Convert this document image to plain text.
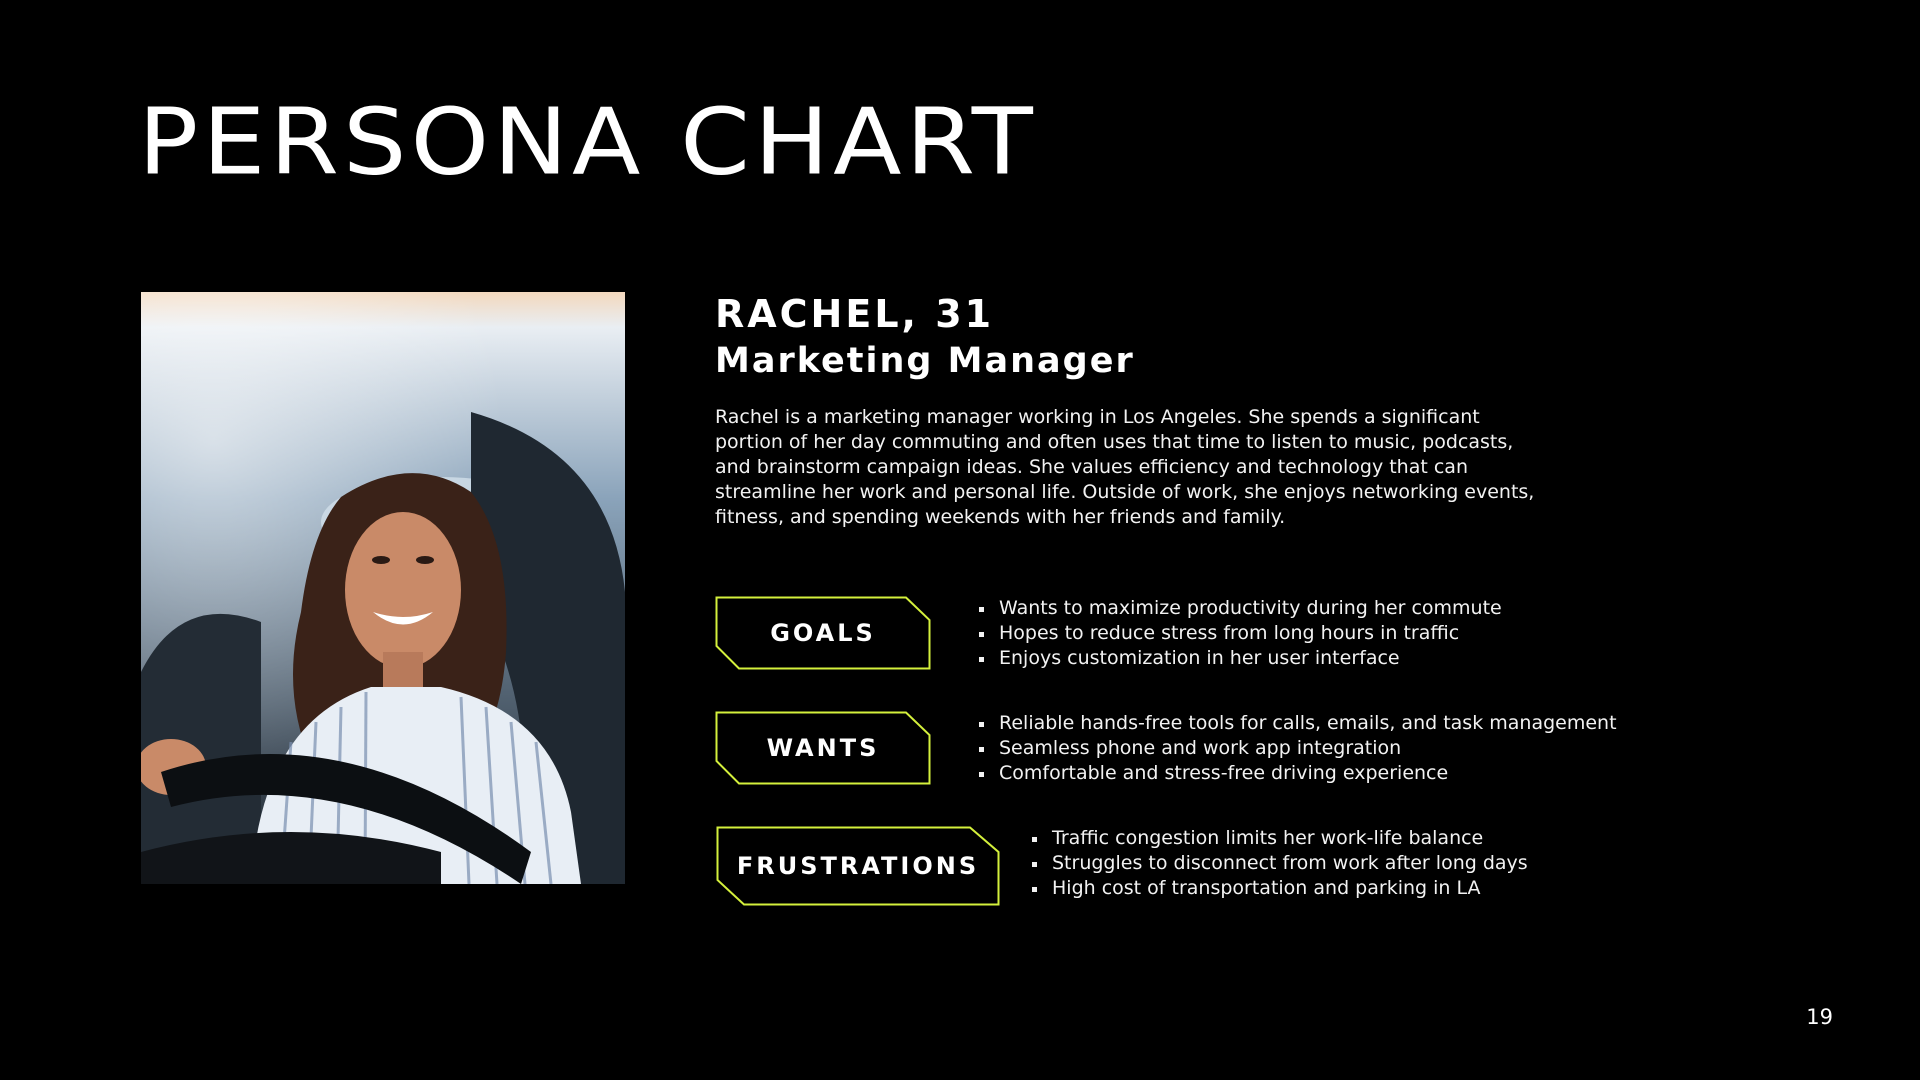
PERSONA CHART
RACHEL, 31
Marketing Manager

Rachel is a marketing manager working in Los Angeles. She spends a significant portion of her day commuting and often uses that time to listen to music, podcasts, and brainstorm campaign ideas. She values efficiency and technology that can streamline her work and personal life. Outside of work, she enjoys networking events, fitness, and spending weekends with her friends and family.

GOALS
Wants to maximize productivity during her commute
Hopes to reduce stress from long hours in traffic
Enjoys customization in her user interface
WANTS
Reliable hands-free tools for calls, emails, and task management
Seamless phone and work app integration
Comfortable and stress-free driving experience
FRUSTRATIONS
Traffic congestion limits her work-life balance
Struggles to disconnect from work after long days
High cost of transportation and parking in LA
19
